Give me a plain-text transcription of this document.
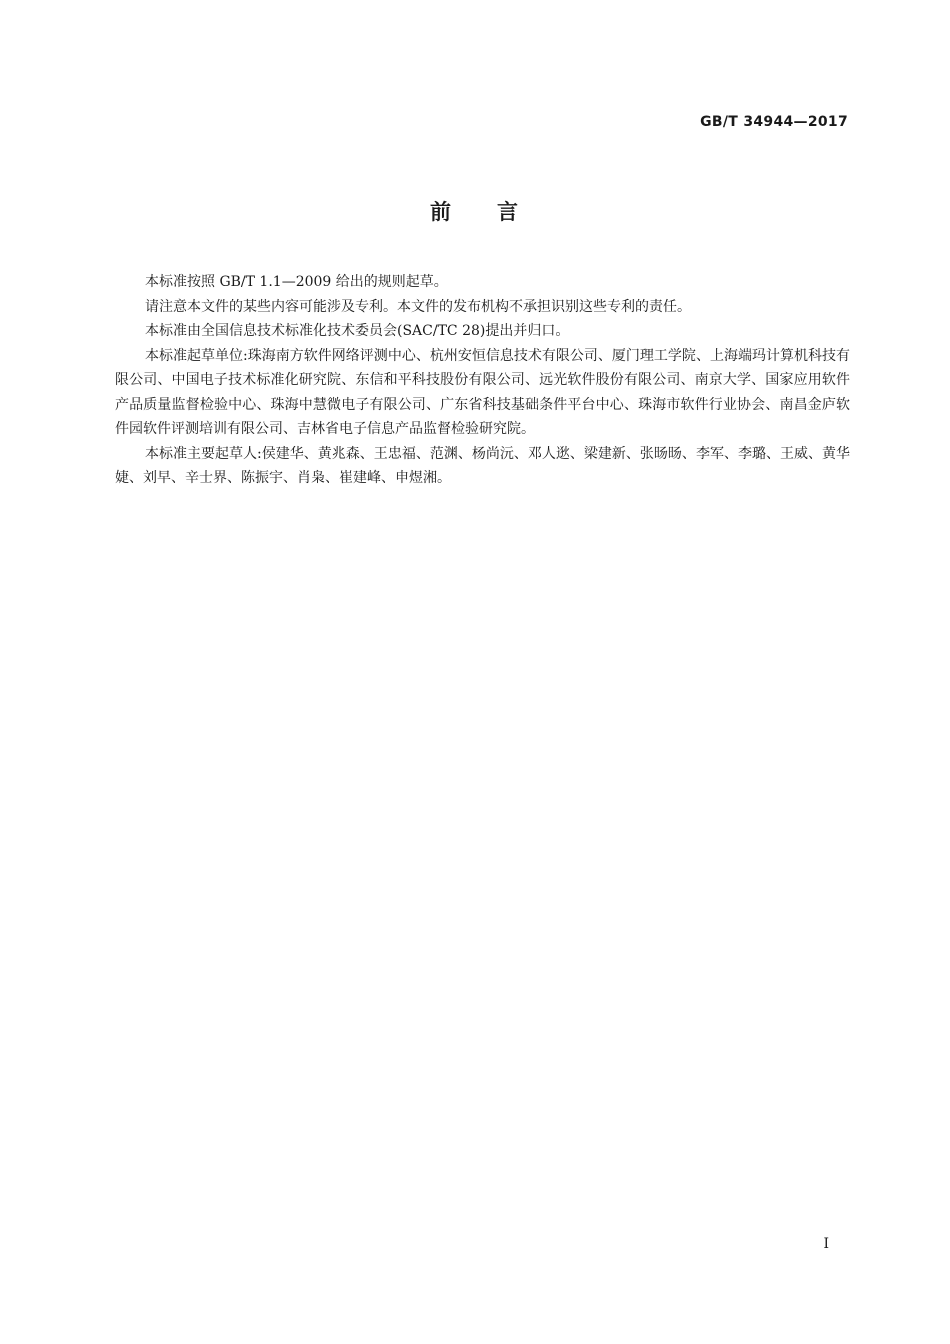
GB/T 34944—2017
前 言

本标准按照 GB/T 1.1—2009 给出的规则起草。

请注意本文件的某些内容可能涉及专利。本文件的发布机构不承担识别这些专利的责任。

本标准由全国信息技术标准化技术委员会(SAC/TC 28)提出并归口。

本标准起草单位:珠海南方软件网络评测中心、杭州安恒信息技术有限公司、厦门理工学院、上海端玛计算机科技有限公司、中国电子技术标准化研究院、东信和平科技股份有限公司、远光软件股份有限公司、南京大学、国家应用软件产品质量监督检验中心、珠海中慧微电子有限公司、广东省科技基础条件平台中心、珠海市软件行业协会、南昌金庐软件园软件评测培训有限公司、吉林省电子信息产品监督检验研究院。

本标准主要起草人:侯建华、黄兆森、王忠福、范渊、杨尚沅、邓人逖、梁建新、张旸旸、李军、李璐、王威、黄华婕、刘早、辛士界、陈振宇、肖枭、崔建峰、申煜湘。

I
